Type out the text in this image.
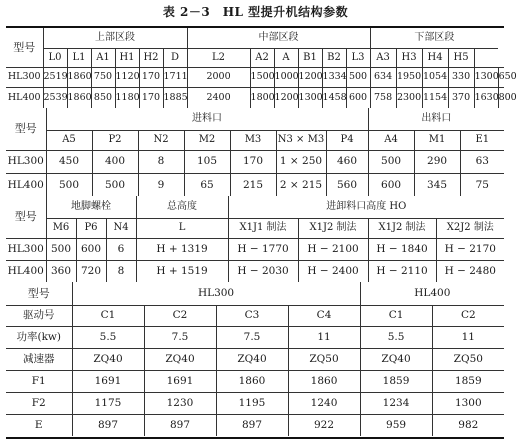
表 2－3　HL 型提升机结构参数
型号	上部区段						中部区段						下部区段					
	L0	L1	A1	H1	H2	D	L2	A2	A	B1	B2	L3	A3	H3	H4	H5		
HL300	2519	1860	750	1120	170	1711	2000	1500	1000	1200	1334	500	634	1950	1054	330	1300	650
HL400	2539	1860	850	1180	170	1885	2400	1800	1200	1300	1458	600	758	2300	1154	370	1630	800
型号	进料口							出料口		
	A5	P2	N2	M2	M3	N3 × M3	P4	A4	M1	E1
HL300	450	400	8	105	170	1 × 250	460	500	290	63
HL400	500	500	9	65	215	2 × 215	560	600	345	75
型号	地脚螺栓			总高度	进卸料口高度 HO			
	M6	P6	N4	L	X1J1 制法	X1J2 制法	X1J2 制法	X2J2 制法
HL300	500	600	6	H + 1319	H − 1770	H − 2100	H − 1840	H − 2170
HL400	360	720	8	H + 1519	H − 2030	H − 2400	H − 2110	H − 2480
型号	HL300				HL400	
驱动号	C1	C2	C3	C4	C1	C2
功率(kw)	5.5	7.5	7.5	11	5.5	11
减速器	ZQ40	ZQ40	ZQ40	ZQ50	ZQ40	ZQ50
F1	1691	1691	1860	1860	1859	1859
F2	1175	1230	1195	1240	1234	1300
E	897	897	897	922	959	982
